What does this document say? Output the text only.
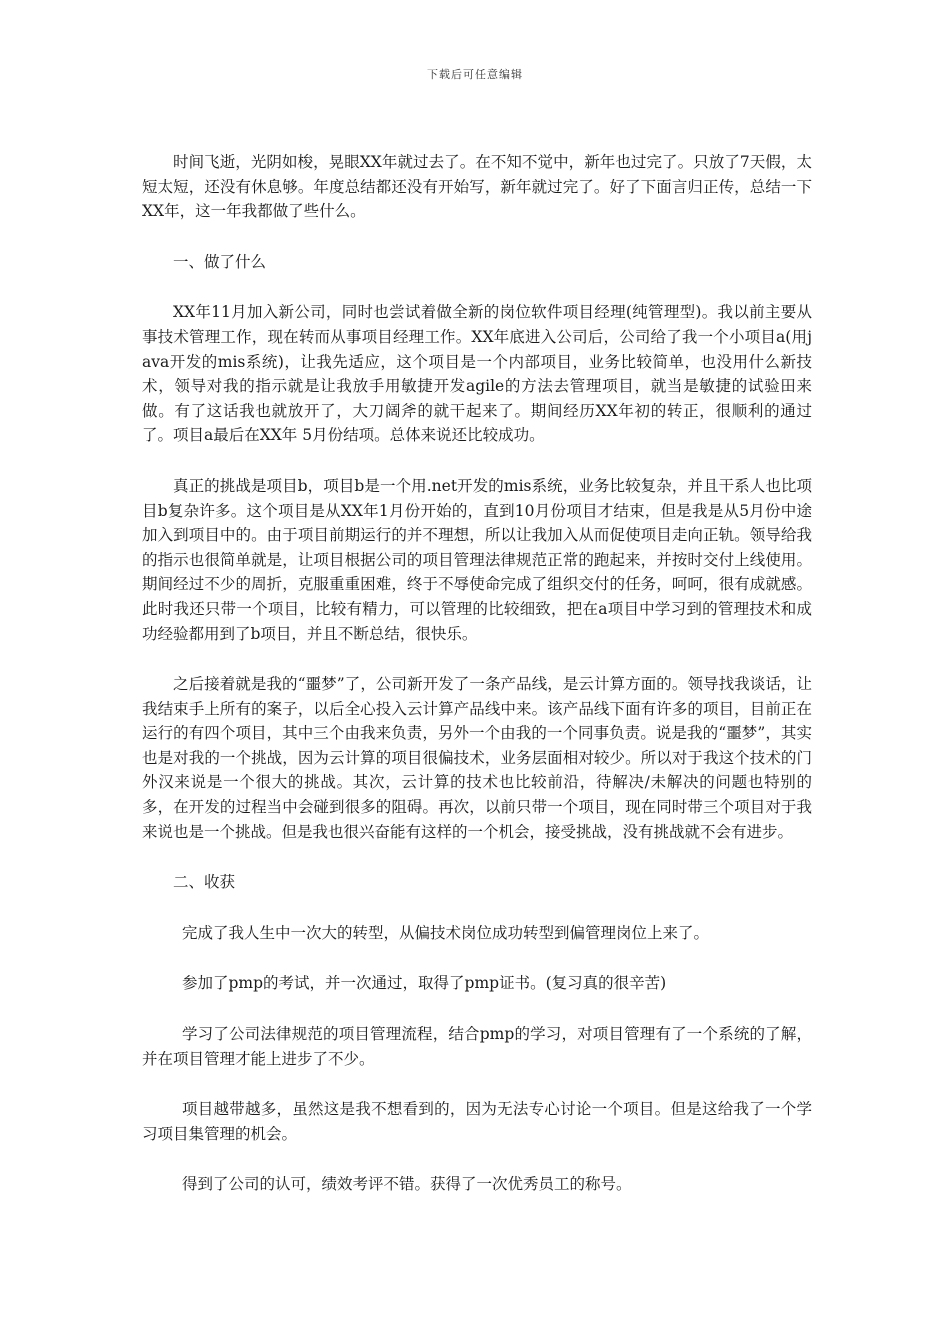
下载后可任意编辑

时间飞逝，光阴如梭，晃眼XX年就过去了。在不知不觉中，新年也过完了。只放了7天假，太短太短，还没有休息够。年度总结都还没有开始写，新年就过完了。好了下面言归正传，总结一下XX年，这一年我都做了些什么。

一、做了什么

XX年11月加入新公司，同时也尝试着做全新的岗位软件项目经理(纯管理型)。我以前主要从事技术管理工作，现在转而从事项目经理工作。XX年底进入公司后，公司给了我一个小项目a(用java开发的mis系统)，让我先适应，这个项目是一个内部项目，业务比较简单，也没用什么新技术，领导对我的指示就是让我放手用敏捷开发agile的方法去管理项目，就当是敏捷的试验田来做。有了这话我也就放开了，大刀阔斧的就干起来了。期间经历XX年初的转正，很顺利的通过了。项目a最后在XX年 5月份结项。总体来说还比较成功。

真正的挑战是项目b，项目b是一个用.net开发的mis系统，业务比较复杂，并且干系人也比项目b复杂许多。这个项目是从XX年1月份开始的，直到10月份项目才结束，但是我是从5月份中途加入到项目中的。由于项目前期运行的并不理想，所以让我加入从而促使项目走向正轨。领导给我的指示也很简单就是，让项目根据公司的项目管理法律规范正常的跑起来，并按时交付上线使用。期间经过不少的周折，克服重重困难，终于不辱使命完成了组织交付的任务，呵呵，很有成就感。此时我还只带一个项目，比较有精力，可以管理的比较细致，把在a项目中学习到的管理技术和成功经验都用到了b项目，并且不断总结，很快乐。

之后接着就是我的“噩梦”了，公司新开发了一条产品线，是云计算方面的。领导找我谈话，让我结束手上所有的案子，以后全心投入云计算产品线中来。该产品线下面有许多的项目，目前正在运行的有四个项目，其中三个由我来负责，另外一个由我的一个同事负责。说是我的“噩梦”，其实也是对我的一个挑战，因为云计算的项目很偏技术，业务层面相对较少。所以对于我这个技术的门外汉来说是一个很大的挑战。其次，云计算的技术也比较前沿，待解决/未解决的问题也特别的多，在开发的过程当中会碰到很多的阻碍。再次，以前只带一个项目，现在同时带三个项目对于我来说也是一个挑战。但是我也很兴奋能有这样的一个机会，接受挑战，没有挑战就不会有进步。

二、收获

完成了我人生中一次大的转型，从偏技术岗位成功转型到偏管理岗位上来了。

参加了pmp的考试，并一次通过，取得了pmp证书。(复习真的很辛苦)

学习了公司法律规范的项目管理流程，结合pmp的学习，对项目管理有了一个系统的了解，并在项目管理才能上进步了不少。

项目越带越多，虽然这是我不想看到的，因为无法专心讨论一个项目。但是这给我了一个学习项目集管理的机会。

得到了公司的认可，绩效考评不错。获得了一次优秀员工的称号。
